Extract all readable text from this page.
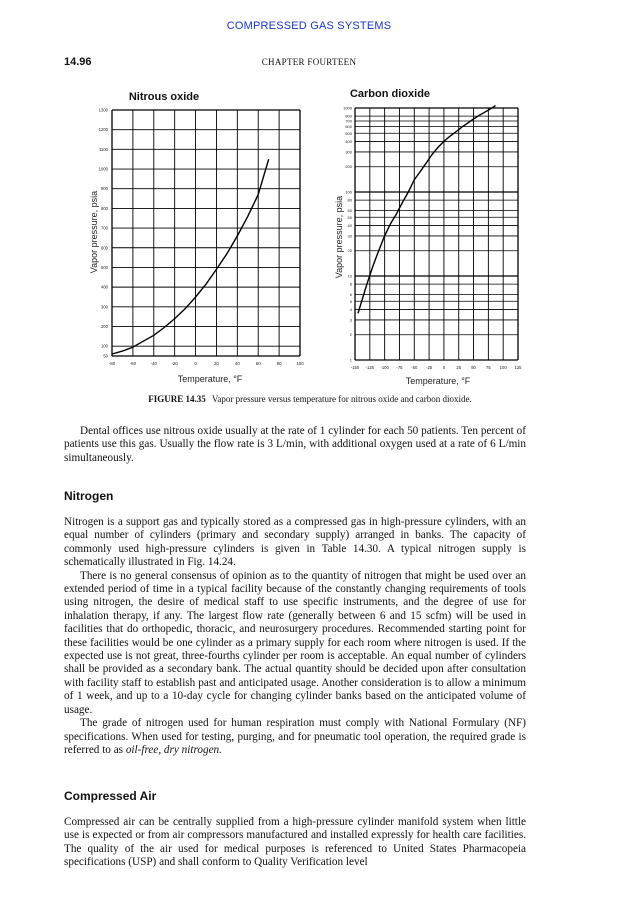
COMPRESSED GAS SYSTEMS
14.96	CHAPTER FOURTEEN
-80	-60	-40	-20	0	20	40	60	80	100
50
100
200
300
400
500
600
700
800
900
1000
1100
1200
1300
Nitrous oxide
Temperature, °F
Vapor pressure, psia
-150 -125 -100 -75 -50 -25	0	25 50 75 100 125
1
2
3
4
5
6
8
10
20
30
40
50
60
80
100
200
300
400
500
600
700
800
1000
Carbon dioxide
Temperature, °F
Vapor pressure, psia
FIGURE 14.35 Vapor pressure versus temperature for nitrous oxide and carbon dioxide.

Dental offices use nitrous oxide usually at the rate of 1 cylinder for each 50 patients. Ten percent of patients use this gas. Usually the flow rate is 3 L/min, with additional oxygen used at a rate of 6 L/min simultaneously.

Nitrogen

Nitrogen is a support gas and typically stored as a compressed gas in high-pressure cylinders, with an equal number of cylinders (primary and secondary supply) arranged in banks. The capacity of commonly used high-pressure cylinders is given in Table 14.30. A typical nitrogen supply is schematically illustrated in Fig. 14.24.

There is no general consensus of opinion as to the quantity of nitrogen that might be used over an extended period of time in a typical facility because of the constantly changing requirements of tools using nitrogen, the desire of medical staff to use specific instruments, and the degree of use for inhalation therapy, if any. The largest flow rate (generally between 6 and 15 scfm) will be used in facilities that do orthopedic, thoracic, and neurosurgery procedures. Recommended starting point for these facilities would be one cylinder as a primary supply for each room where nitrogen is used. If the expected use is not great, three-fourths cylinder per room is acceptable. An equal number of cylinders shall be provided as a secondary bank. The actual quantity should be decided upon after consultation with facility staff to establish past and anticipated usage. Another consideration is to allow a minimum of 1 week, and up to a 10-day cycle for changing cylinder banks based on the anticipated volume of usage.

The grade of nitrogen used for human respiration must comply with National Formulary (NF) specifications. When used for testing, purging, and for pneumatic tool operation, the required grade is referred to as oil-free, dry nitrogen.

Compressed Air

Compressed air can be centrally supplied from a high-pressure cylinder manifold system when little use is expected or from air compressors manufactured and installed expressly for health care facilities. The quality of the air used for medical purposes is referenced to United States Pharmacopeia specifications (USP) and shall conform to Quality Verification level
